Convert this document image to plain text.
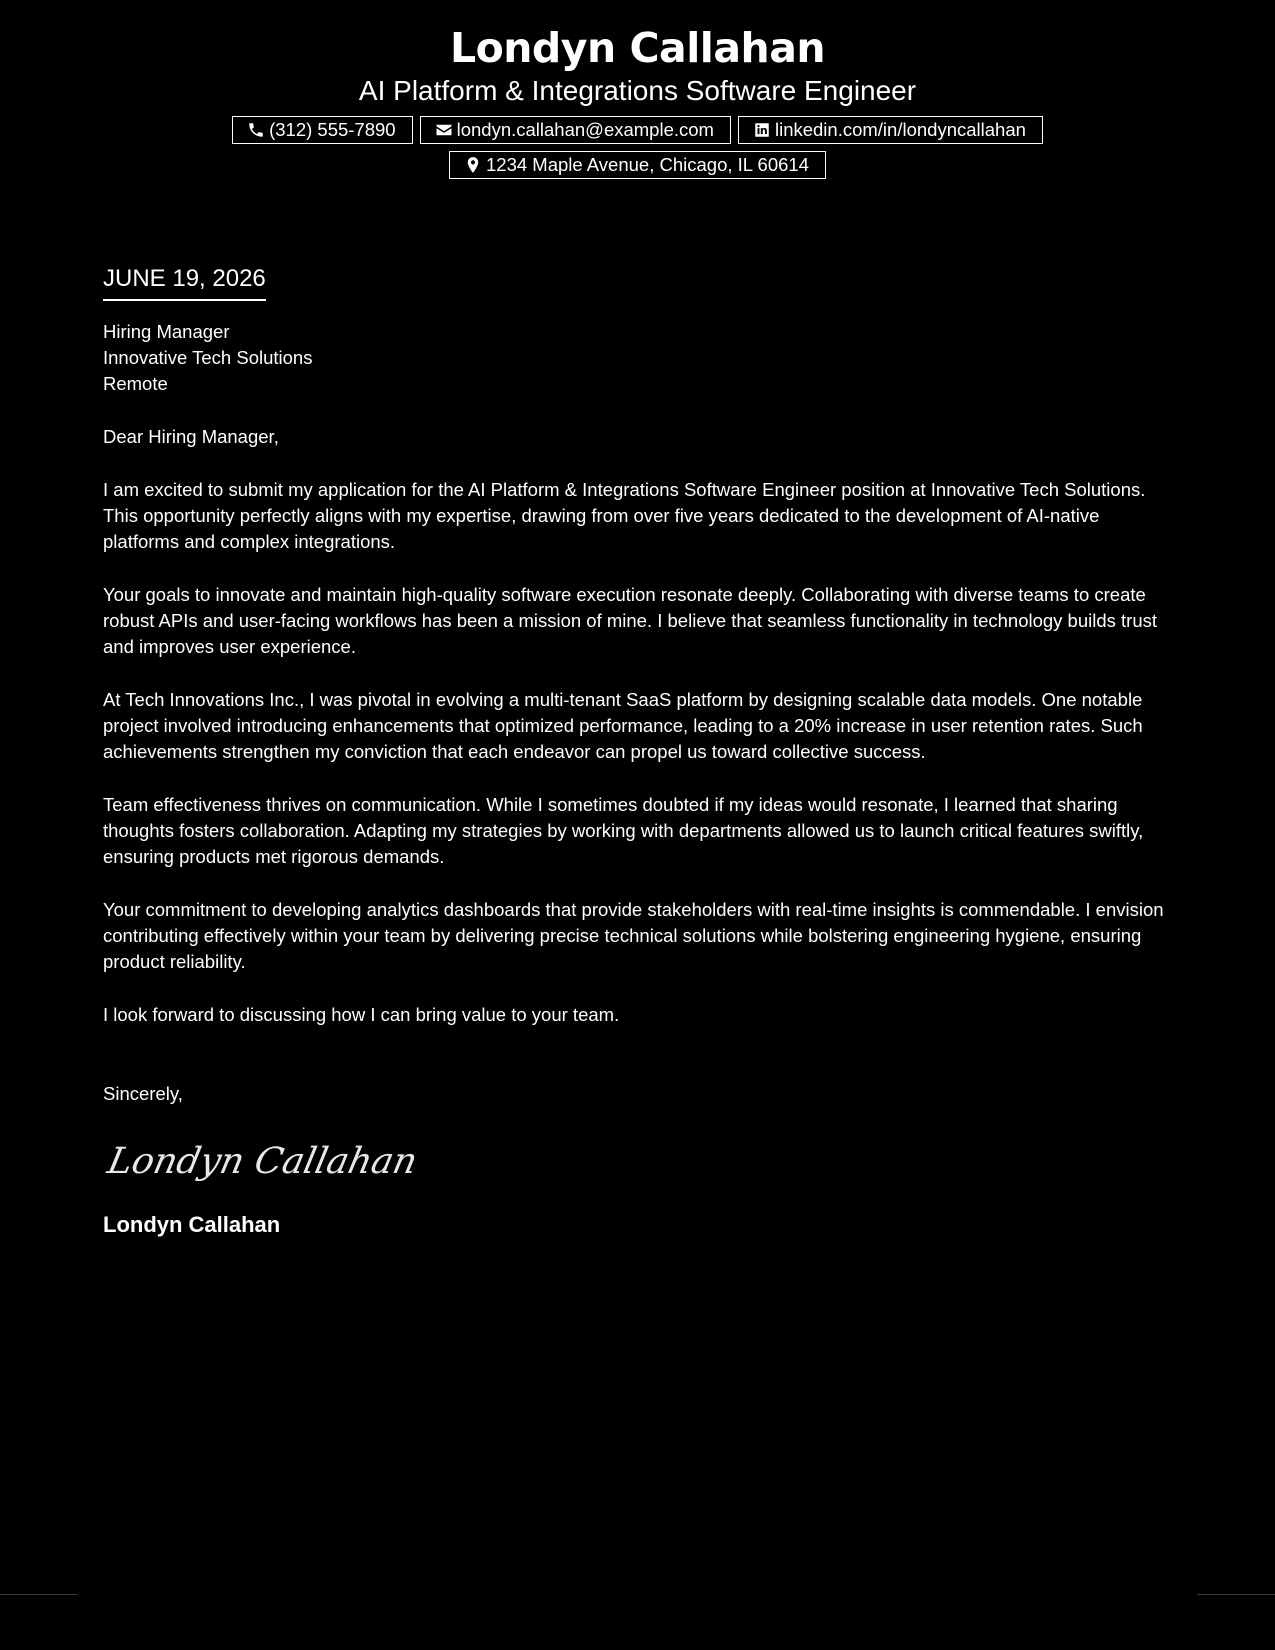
Londyn Callahan

AI Platform & Integrations Software Engineer

(312) 555-7890	londyn.callahan@example.com	linkedin.com/in/londyncallahan
1234 Maple Avenue, Chicago, IL 60614
JUNE 19, 2026

Hiring Manager

Innovative Tech Solutions

Remote

Dear Hiring Manager,

I am excited to submit my application for the AI Platform & Integrations Software Engineer position at Innovative Tech Solutions. This opportunity perfectly aligns with my expertise, drawing from over five years dedicated to the development of AI-native platforms and complex integrations.

Your goals to innovate and maintain high-quality software execution resonate deeply. Collaborating with diverse teams to create robust APIs and user-facing workflows has been a mission of mine. I believe that seamless functionality in technology builds trust and improves user experience.

At Tech Innovations Inc., I was pivotal in evolving a multi-tenant SaaS platform by designing scalable data models. One notable project involved introducing enhancements that optimized performance, leading to a 20% increase in user retention rates. Such achievements strengthen my conviction that each endeavor can propel us toward collective success.

Team effectiveness thrives on communication. While I sometimes doubted if my ideas would resonate, I learned that sharing thoughts fosters collaboration. Adapting my strategies by working with departments allowed us to launch critical features swiftly, ensuring products met rigorous demands.

Your commitment to developing analytics dashboards that provide stakeholders with real-time insights is commendable. I envision contributing effectively within your team by delivering precise technical solutions while bolstering engineering hygiene, ensuring product reliability.

I look forward to discussing how I can bring value to your team.

Sincerely,

Londyn Callahan
Londyn Callahan
